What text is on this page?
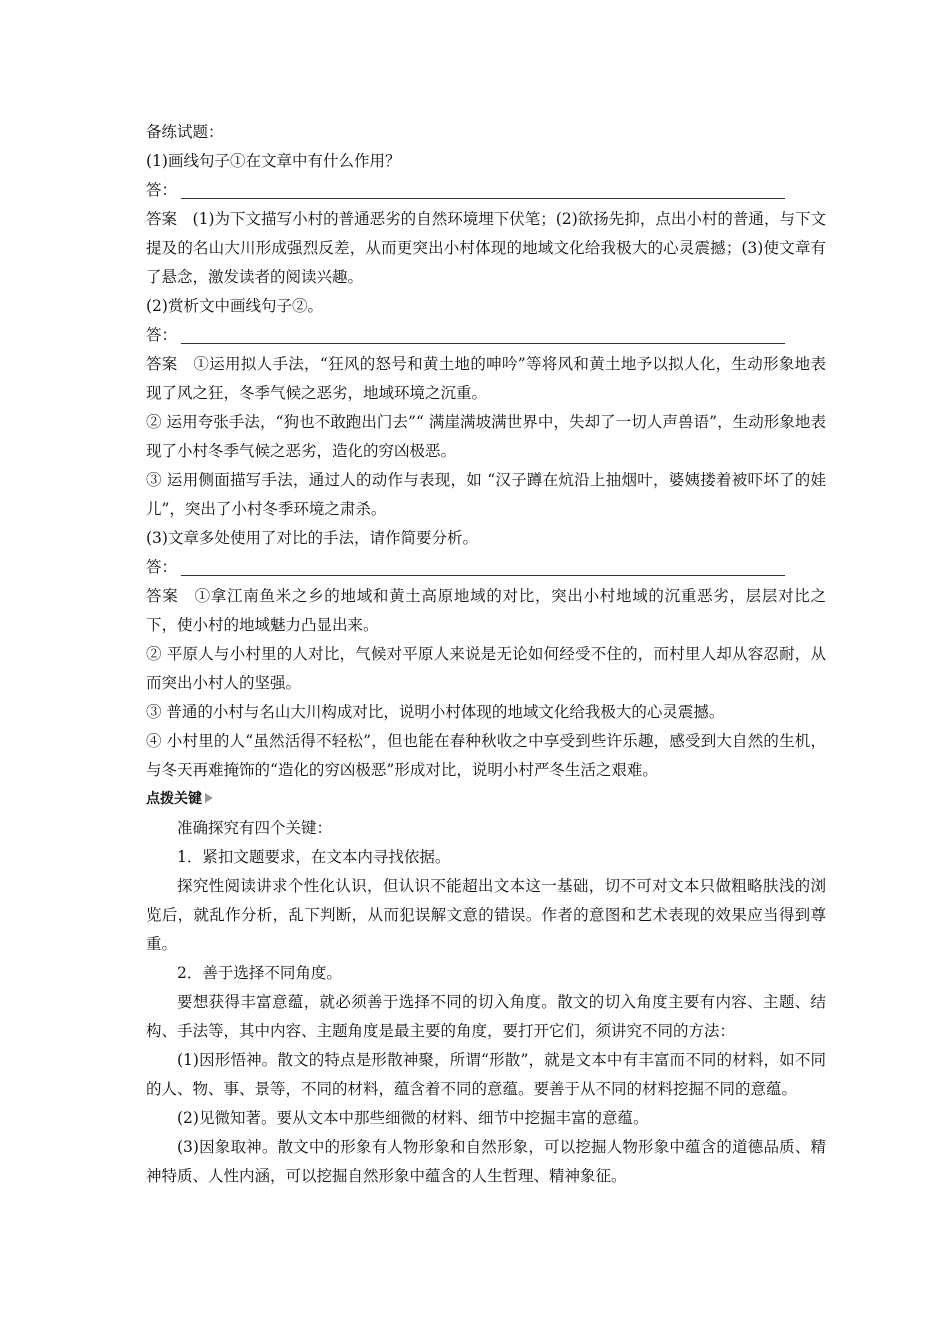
备练试题：
(1)画线句子①在文章中有什么作用？
答：
答案　(1)为下文描写小村的普通恶劣的自然环境埋下伏笔；(2)欲扬先抑，点出小村的普通，与下文提及的名山大川形成强烈反差，从而更突出小村体现的地域文化给我极大的心灵震撼；(3)使文章有了悬念，激发读者的阅读兴趣。
(2)赏析文中画线句子②。
答：
答案　①运用拟人手法，“狂风的怒号和黄土地的呻吟”等将风和黄土地予以拟人化，生动形象地表现了风之狂，冬季气候之恶劣，地域环境之沉重。
② 运用夸张手法，“狗也不敢跑出门去”“ 满崖满坡满世界中，失却了一切人声兽语”，生动形象地表现了小村冬季气候之恶劣，造化的穷凶极恶。
③ 运用侧面描写手法，通过人的动作与表现，如 “汉子蹲在炕沿上抽烟叶，婆姨搂着被吓坏了的娃儿”，突出了小村冬季环境之肃杀。
(3)文章多处使用了对比的手法，请作简要分析。
答：
答案　①拿江南鱼米之乡的地域和黄土高原地域的对比，突出小村地域的沉重恶劣，层层对比之下，使小村的地域魅力凸显出来。
② 平原人与小村里的人对比，气候对平原人来说是无论如何经受不住的，而村里人却从容忍耐，从而突出小村人的坚强。
③ 普通的小村与名山大川构成对比，说明小村体现的地域文化给我极大的心灵震撼。
④ 小村里的人“虽然活得不轻松”，但也能在春种秋收之中享受到些许乐趣，感受到大自然的生机，与冬天再难掩饰的“造化的穷凶极恶”形成对比，说明小村严冬生活之艰难。
点拨关键
准确探究有四个关键：
1．紧扣文题要求，在文本内寻找依据。
探究性阅读讲求个性化认识，但认识不能超出文本这一基础，切不可对文本只做粗略肤浅的浏览后，就乱作分析，乱下判断，从而犯误解文意的错误。作者的意图和艺术表现的效果应当得到尊重。
2．善于选择不同角度。
要想获得丰富意蕴，就必须善于选择不同的切入角度。散文的切入角度主要有内容、主题、结构、手法等，其中内容、主题角度是最主要的角度，要打开它们，须讲究不同的方法：
(1)因形悟神。散文的特点是形散神聚，所谓“形散”，就是文本中有丰富而不同的材料，如不同的人、物、事、景等，不同的材料，蕴含着不同的意蕴。要善于从不同的材料挖掘不同的意蕴。
(2)见微知著。要从文本中那些细微的材料、细节中挖掘丰富的意蕴。
(3)因象取神。散文中的形象有人物形象和自然形象，可以挖掘人物形象中蕴含的道德品质、精神特质、人性内涵，可以挖掘自然形象中蕴含的人生哲理、精神象征。
